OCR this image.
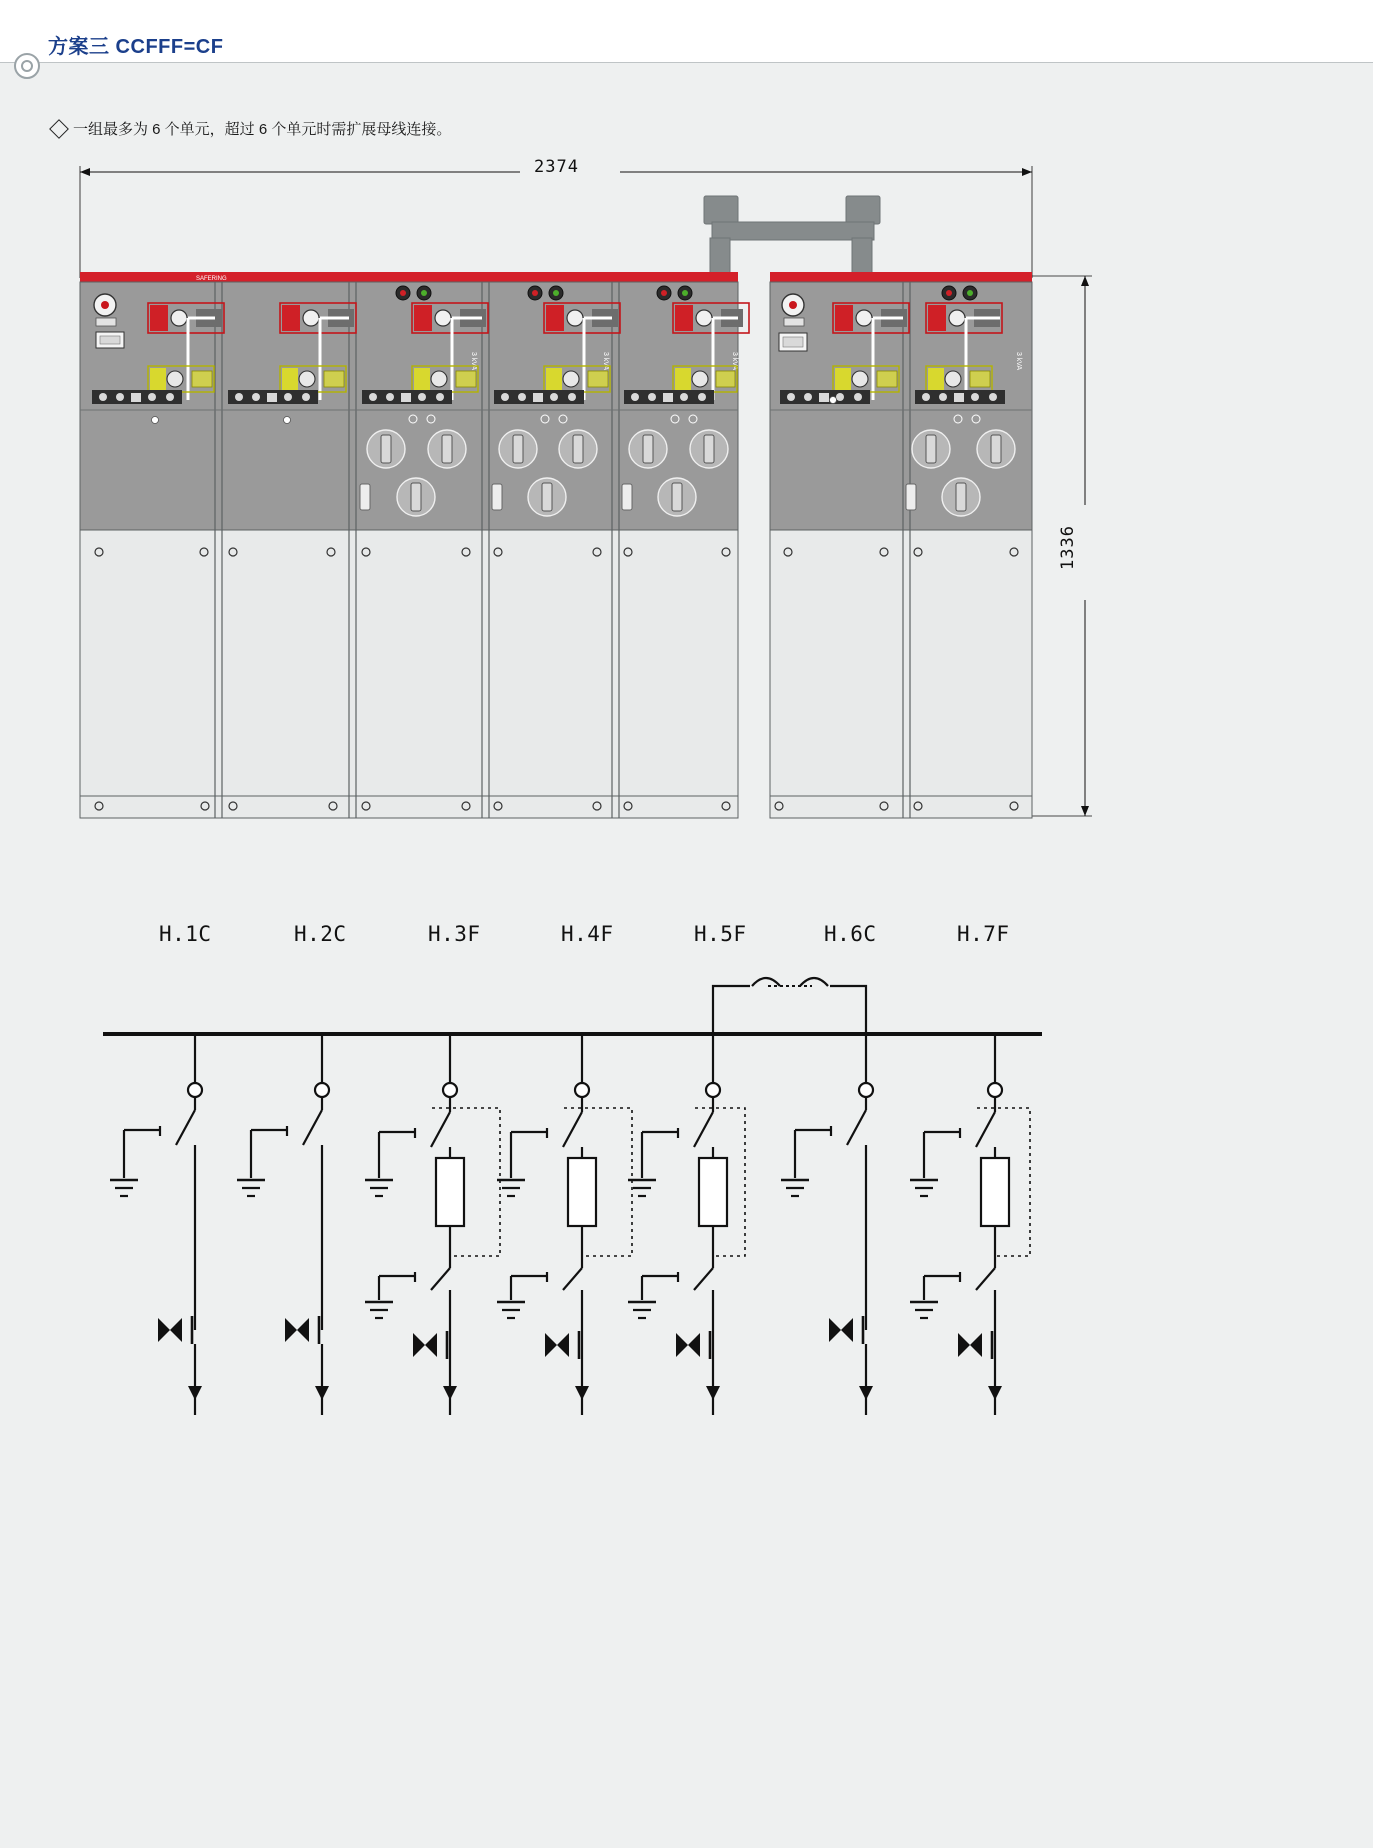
方案三 CCFFF=CF
一组最多为 6 个单元，超过 6 个单元时需扩展母线连接。
2374
1336
H.1C	H.2C	H.3F	H.4F	H.5F	H.6C	H.7F
SAFERING
3 kVA	3 kVA	3 kVA	3 kVA
